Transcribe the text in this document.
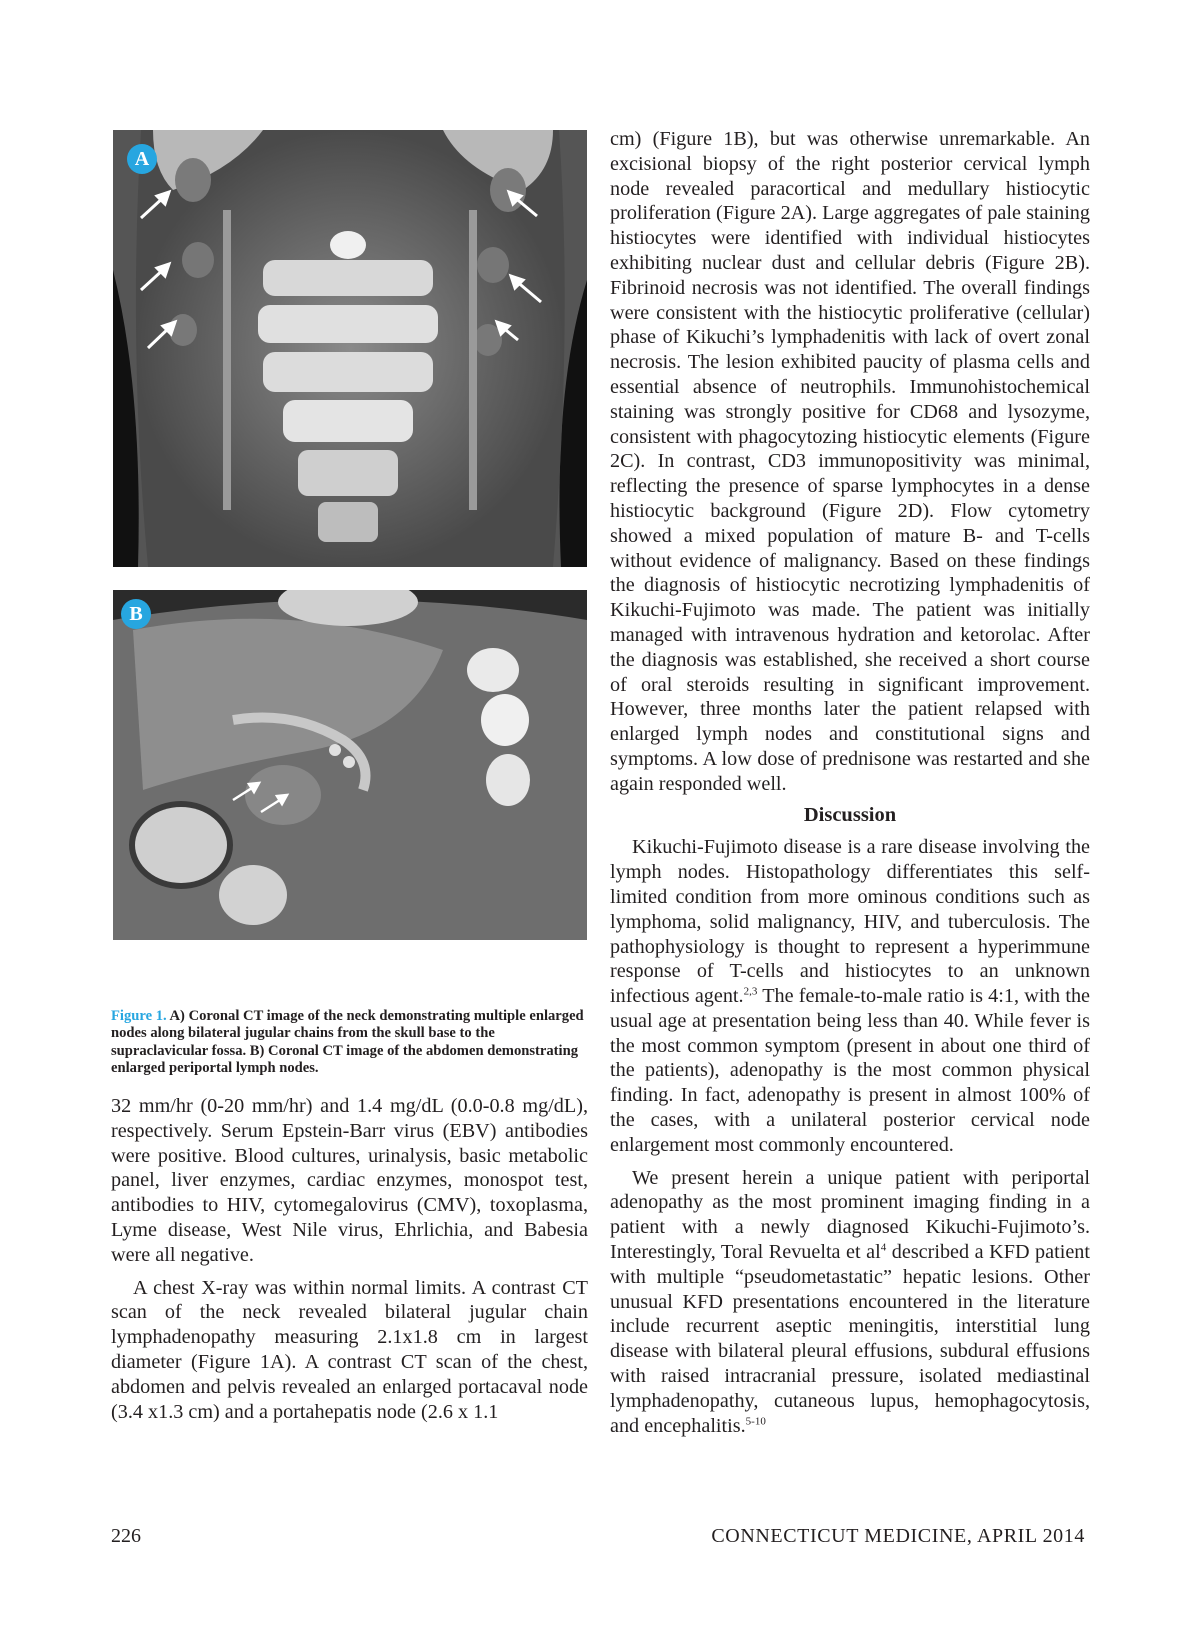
A
B
Figure 1. A) Coronal CT image of the neck demonstrating multiple enlarged nodes along bilateral jugular chains from the skull base to the supraclavicular fossa. B) Coronal CT image of the abdomen demonstrating enlarged periportal lymph nodes.

32 mm/hr (0-20 mm/hr) and 1.4 mg/dL (0.0-0.8 mg/dL), respectively. Serum Epstein-Barr virus (EBV) antibodies were positive. Blood cultures, urinalysis, basic metabolic panel, liver enzymes, cardiac enzymes, monospot test, antibodies to HIV, cytomegalovirus (CMV), toxoplasma, Lyme disease, West Nile virus, Ehrlichia, and Babesia were all negative.

A chest X-ray was within normal limits. A contrast CT scan of the neck revealed bilateral jugular chain lymphadenopathy measuring 2.1x1.8 cm in largest diameter (Figure 1A). A contrast CT scan of the chest, abdomen and pelvis revealed an enlarged portacaval node (3.4 x1.3 cm) and a portahepatis node (2.6 x 1.1

cm) (Figure 1B), but was otherwise unremarkable. An excisional biopsy of the right posterior cervical lymph node revealed paracortical and medullary histiocytic proliferation (Figure 2A). Large aggregates of pale staining histiocytes were identified with individual histiocytes exhibiting nuclear dust and cellular debris (Figure 2B). Fibrinoid necrosis was not identified. The overall findings were consistent with the histiocytic proliferative (cellular) phase of Kikuchi’s lymphadenitis with lack of overt zonal necrosis. The lesion exhibited paucity of plasma cells and essential absence of neutrophils. Immunohistochemical staining was strongly positive for CD68 and lysozyme, consistent with phagocytozing histiocytic elements (Figure 2C). In contrast, CD3 immunopositivity was minimal, reflecting the presence of sparse lymphocytes in a dense histiocytic background (Figure 2D). Flow cytometry showed a mixed population of mature B- and T-cells without evidence of malignancy. Based on these findings the diagnosis of histiocytic necrotizing lymphadenitis of Kikuchi-Fujimoto was made. The patient was initially managed with intravenous hydration and ketorolac. After the diagnosis was established, she received a short course of oral steroids resulting in significant improvement. However, three months later the patient relapsed with enlarged lymph nodes and constitutional signs and symptoms. A low dose of prednisone was restarted and she again responded well.

Discussion

Kikuchi-Fujimoto disease is a rare disease involving the lymph nodes. Histopathology differentiates this self-limited condition from more ominous conditions such as lymphoma, solid malignancy, HIV, and tuberculosis. The pathophysiology is thought to represent a hyperimmune response of T-cells and histiocytes to an unknown infectious agent.$^{2,3}$ The female-to-male ratio is 4:1, with the usual age at presentation being less than 40. While fever is the most common symptom (present in about one third of the patients), adenopathy is the most common physical finding. In fact, adenopathy is present in almost 100% of the cases, with a unilateral posterior cervical node enlargement most commonly encountered.

We present herein a unique patient with periportal adenopathy as the most prominent imaging finding in a patient with a newly diagnosed Kikuchi-Fujimoto’s. Interestingly, Toral Revuelta et $al^4$ described a KFD patient with multiple “pseudometastatic” hepatic lesions. Other unusual KFD presentations encountered in the literature include recurrent aseptic meningitis, interstitial lung disease with bilateral pleural effusions, subdural effusions with raised intracranial pressure, isolated mediastinal lymphadenopathy, cutaneous lupus, hemophagocytosis, and encephalitis.$^{5-10}$

226	CONNECTICUT MEDICINE, APRIL 2014
